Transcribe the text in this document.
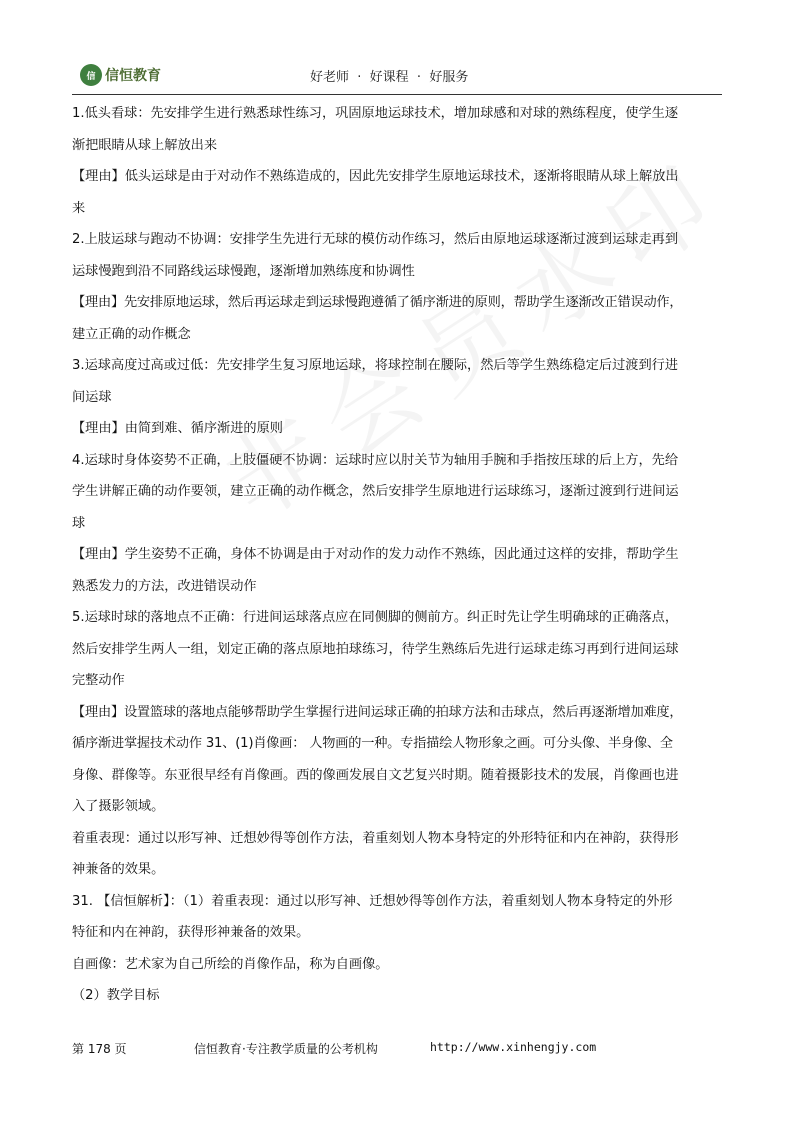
信 信恒教育	好老师  ·  好课程  ·  好服务
1.低头看球：先安排学生进行熟悉球性练习，巩固原地运球技术，增加球感和对球的熟练程度，使学生逐
渐把眼睛从球上解放出来
【理由】低头运球是由于对动作不熟练造成的，因此先安排学生原地运球技术，逐渐将眼睛从球上解放出
来
2.上肢运球与跑动不协调：安排学生先进行无球的模仿动作练习，然后由原地运球逐渐过渡到运球走再到
运球慢跑到沿不同路线运球慢跑，逐渐增加熟练度和协调性
【理由】先安排原地运球，然后再运球走到运球慢跑遵循了循序渐进的原则，帮助学生逐渐改正错误动作，
建立正确的动作概念
3.运球高度过高或过低：先安排学生复习原地运球，将球控制在腰际，然后等学生熟练稳定后过渡到行进
间运球
【理由】由简到难、循序渐进的原则
4.运球时身体姿势不正确，上肢僵硬不协调：运球时应以肘关节为轴用手腕和手指按压球的后上方，先给
学生讲解正确的动作要领，建立正确的动作概念，然后安排学生原地进行运球练习，逐渐过渡到行进间运
球
【理由】学生姿势不正确，身体不协调是由于对动作的发力动作不熟练，因此通过这样的安排，帮助学生
熟悉发力的方法，改进错误动作
5.运球时球的落地点不正确：行进间运球落点应在同侧脚的侧前方。纠正时先让学生明确球的正确落点，
然后安排学生两人一组，划定正确的落点原地拍球练习，待学生熟练后先进行运球走练习再到行进间运球
完整动作
【理由】设置篮球的落地点能够帮助学生掌握行进间运球正确的拍球方法和击球点，然后再逐渐增加难度，
循序渐进掌握技术动作 31、(1)肖像画： 人物画的一种。专指描绘人物形象之画。可分头像、半身像、全
身像、群像等。东亚很早经有肖像画。西的像画发展自文艺复兴时期。随着摄影技术的发展，肖像画也进
入了摄影领域。
着重表现：通过以形写神、迁想妙得等创作方法，着重刻划人物本身特定的外形特征和内在神韵，获得形
神兼备的效果。
31. 【信恒解析】：（1）着重表现：通过以形写神、迁想妙得等创作方法，着重刻划人物本身特定的外形
特征和内在神韵，获得形神兼备的效果。
自画像：艺术家为自己所绘的肖像作品，称为自画像。
（2）教学目标
第 178 页	信恒教育·专注教学质量的公考机构	http://www.xinhengjy.com
